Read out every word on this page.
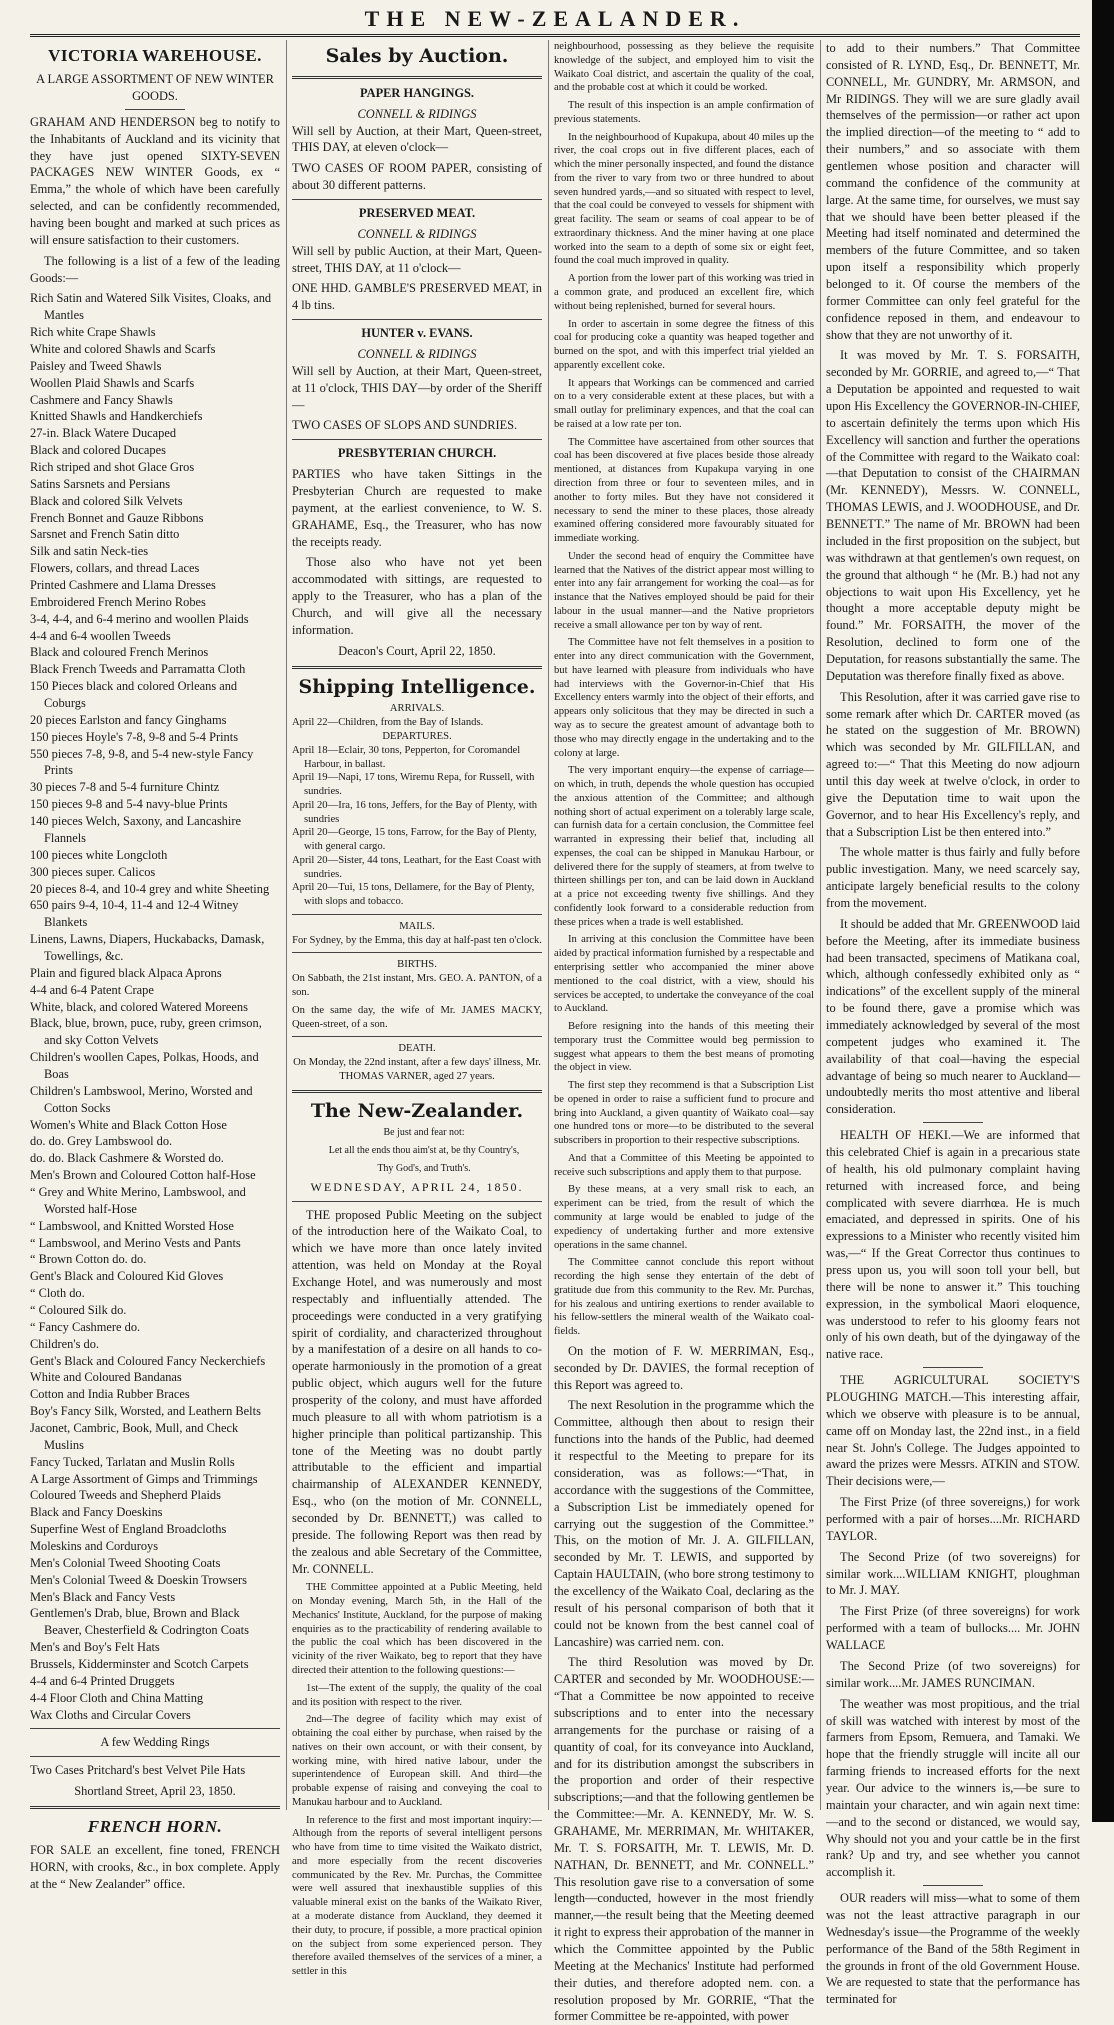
THE NEW-ZEALANDER.
VICTORIA WAREHOUSE.

A LARGE ASSORTMENT OF NEW WINTER GOODS.

GRAHAM AND HENDERSON beg to notify to the Inhabitants of Auckland and its vicinity that they have just opened SIXTY-SEVEN PACKAGES NEW WINTER Goods, ex “ Emma,” the whole of which have been carefully selected, and can be confidently recommended, having been bought and marked at such prices as will ensure satisfaction to their customers.

The following is a list of a few of the leading Goods:—

Rich Satin and Watered Silk Visites, Cloaks, and Mantles
Rich white Crape Shawls
White and colored Shawls and Scarfs
Paisley and Tweed Shawls
Woollen Plaid Shawls and Scarfs
Cashmere and Fancy Shawls
Knitted Shawls and Handkerchiefs
27-in. Black Watere Ducaped
Black and colored Ducapes
Rich striped and shot Glace Gros
Satins Sarsnets and Persians
Black and colored Silk Velvets
French Bonnet and Gauze Ribbons
Sarsnet and French Satin ditto
Silk and satin Neck-ties
Flowers, collars, and thread Laces
Printed Cashmere and Llama Dresses
Embroidered French Merino Robes
3-4, 4-4, and 6-4 merino and woollen Plaids
4-4 and 6-4 woollen Tweeds
Black and coloured French Merinos
Black French Tweeds and Parramatta Cloth
150 Pieces black and colored Orleans and Coburgs
20 pieces Earlston and fancy Ginghams
150 pieces Hoyle's 7-8, 9-8 and 5-4 Prints
550 pieces 7-8, 9-8, and 5-4 new-style Fancy Prints
30 pieces 7-8 and 5-4 furniture Chintz
150 pieces 9-8 and 5-4 navy-blue Prints
140 pieces Welch, Saxony, and Lancashire Flannels
100 pieces white Longcloth
300 pieces super. Calicos
20 pieces 8-4, and 10-4 grey and white Sheeting
650 pairs 9-4, 10-4, 11-4 and 12-4 Witney Blankets
Linens, Lawns, Diapers, Huckabacks, Damask, Towellings, &c.
Plain and figured black Alpaca Aprons
4-4 and 6-4 Patent Crape
White, black, and colored Watered Moreens
Black, blue, brown, puce, ruby, green crimson, and sky Cotton Velvets
Children's woollen Capes, Polkas, Hoods, and Boas
Children's Lambswool, Merino, Worsted and Cotton Socks
Women's White and Black Cotton Hose
do. do. Grey Lambswool do.
do. do. Black Cashmere & Worsted do.
Men's Brown and Coloured Cotton half-Hose
“ Grey and White Merino, Lambswool, and Worsted half-Hose
“ Lambswool, and Knitted Worsted Hose
“ Lambswool, and Merino Vests and Pants
“ Brown Cotton do. do.
Gent's Black and Coloured Kid Gloves
“ Cloth do.
“ Coloured Silk do.
“ Fancy Cashmere do.
Children's do.
Gent's Black and Coloured Fancy Neckerchiefs
White and Coloured Bandanas
Cotton and India Rubber Braces
Boy's Fancy Silk, Worsted, and Leathern Belts
Jaconet, Cambric, Book, Mull, and Check Muslins
Fancy Tucked, Tarlatan and Muslin Rolls
A Large Assortment of Gimps and Trimmings
Coloured Tweeds and Shepherd Plaids
Black and Fancy Doeskins
Superfine West of England Broadcloths
Moleskins and Corduroys
Men's Colonial Tweed Shooting Coats
Men's Colonial Tweed & Doeskin Trowsers
Men's Black and Fancy Vests
Gentlemen's Drab, blue, Brown and Black Beaver, Chesterfield & Codrington Coats
Men's and Boy's Felt Hats
Brussels, Kidderminster and Scotch Carpets
4-4 and 6-4 Printed Druggets
4-4 Floor Cloth and China Matting
Wax Cloths and Circular Covers

A few Wedding Rings

Two Cases Pritchard's best Velvet Pile Hats

Shortland Street, April 23, 1850.

FRENCH HORN.

FOR SALE an excellent, fine toned, FRENCH HORN, with crooks, &c., in box complete. Apply at the “ New Zealander” office.

Sales by Auction.
PAPER HANGINGS.
CONNELL & RIDINGS

Will sell by Auction, at their Mart, Queen-street, THIS DAY, at eleven o'clock—

TWO CASES OF ROOM PAPER, consisting of about 30 different patterns.

PRESERVED MEAT.
CONNELL & RIDINGS

Will sell by public Auction, at their Mart, Queen-street, THIS DAY, at 11 o'clock—

ONE HHD. GAMBLE'S PRESERVED MEAT, in 4 lb tins.

HUNTER v. EVANS.
CONNELL & RIDINGS

Will sell by Auction, at their Mart, Queen-street, at 11 o'clock, THIS DAY—by order of the Sheriff—

TWO CASES OF SLOPS AND SUNDRIES.

PRESBYTERIAN CHURCH.

PARTIES who have taken Sittings in the Presbyterian Church are requested to make payment, at the earliest convenience, to W. S. GRAHAME, Esq., the Treasurer, who has now the receipts ready.

Those also who have not yet been accommodated with sittings, are requested to apply to the Treasurer, who has a plan of the Church, and will give all the necessary information.

Deacon's Court, April 22, 1850.

Shipping Intelligence.
ARRIVALS.
April 22—Children, from the Bay of Islands.
DEPARTURES.
April 18—Eclair, 30 tons, Pepperton, for Coromandel Harbour, in ballast.
April 19—Napi, 17 tons, Wiremu Repa, for Russell, with sundries.
April 20—Ira, 16 tons, Jeffers, for the Bay of Plenty, with sundries
April 20—George, 15 tons, Farrow, for the Bay of Plenty, with general cargo.
April 20—Sister, 44 tons, Leathart, for the East Coast with sundries.
April 20—Tui, 15 tons, Dellamere, for the Bay of Plenty, with slops and tobacco.
MAILS.

For Sydney, by the Emma, this day at half-past ten o'clock.

BIRTHS.

On Sabbath, the 21st instant, Mrs. GEO. A. PANTON, of a son.

On the same day, the wife of Mr. JAMES MACKY, Queen-street, of a son.

DEATH.

On Monday, the 22nd instant, after a few days' illness, Mr. THOMAS VARNER, aged 27 years.

The New-Zealander.

Be just and fear not:

Let all the ends thou aim'st at, be thy Country's,

Thy God's, and Truth's.

WEDNESDAY, APRIL 24, 1850.

THE proposed Public Meeting on the subject of the introduction here of the Waikato Coal, to which we have more than once lately invited attention, was held on Monday at the Royal Exchange Hotel, and was numerously and most respectably and influentially attended. The proceedings were conducted in a very gratifying spirit of cordiality, and characterized throughout by a manifestation of a desire on all hands to co-operate harmoniously in the promotion of a great public object, which augurs well for the future prosperity of the colony, and must have afforded much pleasure to all with whom patriotism is a higher principle than political partizanship. This tone of the Meeting was no doubt partly attributable to the efficient and impartial chairmanship of ALEXANDER KENNEDY, Esq., who (on the motion of Mr. CONNELL, seconded by Dr. BENNETT,) was called to preside. The following Report was then read by the zealous and able Secretary of the Committee, Mr. CONNELL.

THE Committee appointed at a Public Meeting, held on Monday evening, March 5th, in the Hall of the Mechanics' Institute, Auckland, for the purpose of making enquiries as to the practicability of rendering available to the public the coal which has been discovered in the vicinity of the river Waikato, beg to report that they have directed their attention to the following questions:—

1st—The extent of the supply, the quality of the coal and its position with respect to the river.

2nd—The degree of facility which may exist of obtaining the coal either by purchase, when raised by the natives on their own account, or with their consent, by working mine, with hired native labour, under the superintendence of European skill. And third—the probable expense of raising and conveying the coal to Manukau harbour and to Auckland.

In reference to the first and most important inquiry:—Although from the reports of several intelligent persons who have from time to time visited the Waikato district, and more especially from the recent discoveries communicated by the Rev. Mr. Purchas, the Committee were well assured that inexhaustible supplies of this valuable mineral exist on the banks of the Waikato River, at a moderate distance from Auckland, they deemed it their duty, to procure, if possible, a more practical opinion on the subject from some experienced person. They therefore availed themselves of the services of a miner, a settler in this

neighbourhood, possessing as they believe the requisite knowledge of the subject, and employed him to visit the Waikato Coal district, and ascertain the quality of the coal, and the probable cost at which it could be worked.

The result of this inspection is an ample confirmation of previous statements.

In the neighbourhood of Kupakupa, about 40 miles up the river, the coal crops out in five different places, each of which the miner personally inspected, and found the distance from the river to vary from two or three hundred to about seven hundred yards,—and so situated with respect to level, that the coal could be conveyed to vessels for shipment with great facility. The seam or seams of coal appear to be of extraordinary thickness. And the miner having at one place worked into the seam to a depth of some six or eight feet, found the coal much improved in quality.

A portion from the lower part of this working was tried in a common grate, and produced an excellent fire, which without being replenished, burned for several hours.

In order to ascertain in some degree the fitness of this coal for producing coke a quantity was heaped together and burned on the spot, and with this imperfect trial yielded an apparently excellent coke.

It appears that Workings can be commenced and carried on to a very considerable extent at these places, but with a small outlay for preliminary expences, and that the coal can be raised at a low rate per ton.

The Committee have ascertained from other sources that coal has been discovered at five places beside those already mentioned, at distances from Kupakupa varying in one direction from three or four to seventeen miles, and in another to forty miles. But they have not considered it necessary to send the miner to these places, those already examined offering considered more favourably situated for immediate working.

Under the second head of enquiry the Committee have learned that the Natives of the district appear most willing to enter into any fair arrangement for working the coal—as for instance that the Natives employed should be paid for their labour in the usual manner—and the Native proprietors receive a small allowance per ton by way of rent.

The Committee have not felt themselves in a position to enter into any direct communication with the Government, but have learned with pleasure from individuals who have had interviews with the Governor-in-Chief that His Excellency enters warmly into the object of their efforts, and appears only solicitous that they may be directed in such a way as to secure the greatest amount of advantage both to those who may directly engage in the undertaking and to the colony at large.

The very important enquiry—the expense of carriage—on which, in truth, depends the whole question has occupied the anxious attention of the Committee; and although nothing short of actual experiment on a tolerably large scale, can furnish data for a certain conclusion, the Committee feel warranted in expressing their belief that, including all expenses, the coal can be shipped in Manukau Harbour, or delivered there for the supply of steamers, at from twelve to thirteen shillings per ton, and can be laid down in Auckland at a price not exceeding twenty five shillings. And they confidently look forward to a considerable reduction from these prices when a trade is well established.

In arriving at this conclusion the Committee have been aided by practical information furnished by a respectable and enterprising settler who accompanied the miner above mentioned to the coal district, with a view, should his services be accepted, to undertake the conveyance of the coal to Auckland.

Before resigning into the hands of this meeting their temporary trust the Committee would beg permission to suggest what appears to them the best means of promoting the object in view.

The first step they recommend is that a Subscription List be opened in order to raise a sufficient fund to procure and bring into Auckland, a given quantity of Waikato coal—say one hundred tons or more—to be distributed to the several subscribers in proportion to their respective subscriptions.

And that a Committee of this Meeting be appointed to receive such subscriptions and apply them to that purpose.

By these means, at a very small risk to each, an experiment can be tried, from the result of which the community at large would be enabled to judge of the expediency of undertaking further and more extensive operations in the same channel.

The Committee cannot conclude this report without recording the high sense they entertain of the debt of gratitude due from this community to the Rev. Mr. Purchas, for his zealous and untiring exertions to render available to his fellow-settlers the mineral wealth of the Waikato coal-fields.

On the motion of F. W. MERRIMAN, Esq., seconded by Dr. DAVIES, the formal reception of this Report was agreed to.

The next Resolution in the programme which the Committee, although then about to resign their functions into the hands of the Public, had deemed it respectful to the Meeting to prepare for its consideration, was as follows:—“That, in accordance with the suggestions of the Committee, a Subscription List be immediately opened for carrying out the suggestion of the Committee.” This, on the motion of Mr. J. A. GILFILLAN, seconded by Mr. T. LEWIS, and supported by Captain HAULTAIN, (who bore strong testimony to the excellency of the Waikato Coal, declaring as the result of his personal comparison of both that it could not be known from the best cannel coal of Lancashire) was carried nem. con.

The third Resolution was moved by Dr. CARTER and seconded by Mr. WOODHOUSE:— “That a Committee be now appointed to receive subscriptions and to enter into the necessary arrangements for the purchase or raising of a quantity of coal, for its conveyance into Auckland, and for its distribution amongst the subscribers in the proportion and order of their respective subscriptions;—and that the following gentlemen be the Committee:—Mr. A. KENNEDY, Mr. W. S. GRAHAME, Mr. MERRIMAN, Mr. WHITAKER, Mr. T. S. FORSAITH, Mr. T. LEWIS, Mr. D. NATHAN, Dr. BENNETT, and Mr. CONNELL.” This resolution gave rise to a conversation of some length—conducted, however in the most friendly manner,—the result being that the Meeting deemed it right to express their approbation of the manner in which the Committee appointed by the Public Meeting at the Mechanics' Institute had performed their duties, and therefore adopted nem. con. a resolution proposed by Mr. GORRIE, “That the former Committee be re-appointed, with power

to add to their numbers.” That Committee consisted of R. LYND, Esq., Dr. BENNETT, Mr. CONNELL, Mr. GUNDRY, Mr. ARMSON, and Mr RIDINGS. They will we are sure gladly avail themselves of the permission—or rather act upon the implied direction—of the meeting to “ add to their numbers,” and so associate with them gentlemen whose position and character will command the confidence of the community at large. At the same time, for ourselves, we must say that we should have been better pleased if the Meeting had itself nominated and determined the members of the future Committee, and so taken upon itself a responsibility which properly belonged to it. Of course the members of the former Committee can only feel grateful for the confidence reposed in them, and endeavour to show that they are not unworthy of it.

It was moved by Mr. T. S. FORSAITH, seconded by Mr. GORRIE, and agreed to,—“ That a Deputation be appointed and requested to wait upon His Excellency the GOVERNOR-IN-CHIEF, to ascertain definitely the terms upon which His Excellency will sanction and further the operations of the Committee with regard to the Waikato coal:—that Deputation to consist of the CHAIRMAN (Mr. KENNEDY), Messrs. W. CONNELL, THOMAS LEWIS, and J. WOODHOUSE, and Dr. BENNETT.” The name of Mr. BROWN had been included in the first proposition on the subject, but was withdrawn at that gentlemen's own request, on the ground that although “ he (Mr. B.) had not any objections to wait upon His Excellency, yet he thought a more acceptable deputy might be found.” Mr. FORSAITH, the mover of the Resolution, declined to form one of the Deputation, for reasons substantially the same. The Deputation was therefore finally fixed as above.

This Resolution, after it was carried gave rise to some remark after which Dr. CARTER moved (as he stated on the suggestion of Mr. BROWN) which was seconded by Mr. GILFILLAN, and agreed to:—“ That this Meeting do now adjourn until this day week at twelve o'clock, in order to give the Deputation time to wait upon the Governor, and to hear His Excellency's reply, and that a Subscription List be then entered into.”

The whole matter is thus fairly and fully before public investigation. Many, we need scarcely say, anticipate largely beneficial results to the colony from the movement.

It should be added that Mr. GREENWOOD laid before the Meeting, after its immediate business had been transacted, specimens of Matikana coal, which, although confessedly exhibited only as “ indications” of the excellent supply of the mineral to be found there, gave a promise which was immediately acknowledged by several of the most competent judges who examined it. The availability of that coal—having the especial advantage of being so much nearer to Auckland—undoubtedly merits tho most attentive and liberal consideration.

HEALTH OF HEKI.—We are informed that this celebrated Chief is again in a precarious state of health, his old pulmonary complaint having returned with increased force, and being complicated with severe diarrhœa. He is much emaciated, and depressed in spirits. One of his expressions to a Minister who recently visited him was,—“ If the Great Corrector thus continues to press upon us, you will soon toll your bell, but there will be none to answer it.” This touching expression, in the symbolical Maori eloquence, was understood to refer to his gloomy fears not only of his own death, but of the dyingaway of the native race.

THE AGRICULTURAL SOCIETY'S PLOUGHING MATCH.—This interesting affair, which we observe with pleasure is to be annual, came off on Monday last, the 22nd inst., in a field near St. John's College. The Judges appointed to award the prizes were Messrs. ATKIN and STOW. Their decisions were,—

The First Prize (of three sovereigns,) for work performed with a pair of horses....Mr. RICHARD TAYLOR.

The Second Prize (of two sovereigns) for similar work....WILLIAM KNIGHT, ploughman to Mr. J. MAY.

The First Prize (of three sovereigns) for work performed with a team of bullocks.... Mr. JOHN WALLACE

The Second Prize (of two sovereigns) for similar work....Mr. JAMES RUNCIMAN.

The weather was most propitious, and the trial of skill was watched with interest by most of the farmers from Epsom, Remuera, and Tamaki. We hope that the friendly struggle will incite all our farming friends to increased efforts for the next year. Our advice to the winners is,—be sure to maintain your character, and win again next time:—and to the second or distanced, we would say, Why should not you and your cattle be in the first rank? Up and try, and see whether you cannot accomplish it.

OUR readers will miss—what to some of them was not the least attractive paragraph in our Wednesday's issue—the Programme of the weekly performance of the Band of the 58th Regiment in the grounds in front of the old Government House. We are requested to state that the performance has terminated for
